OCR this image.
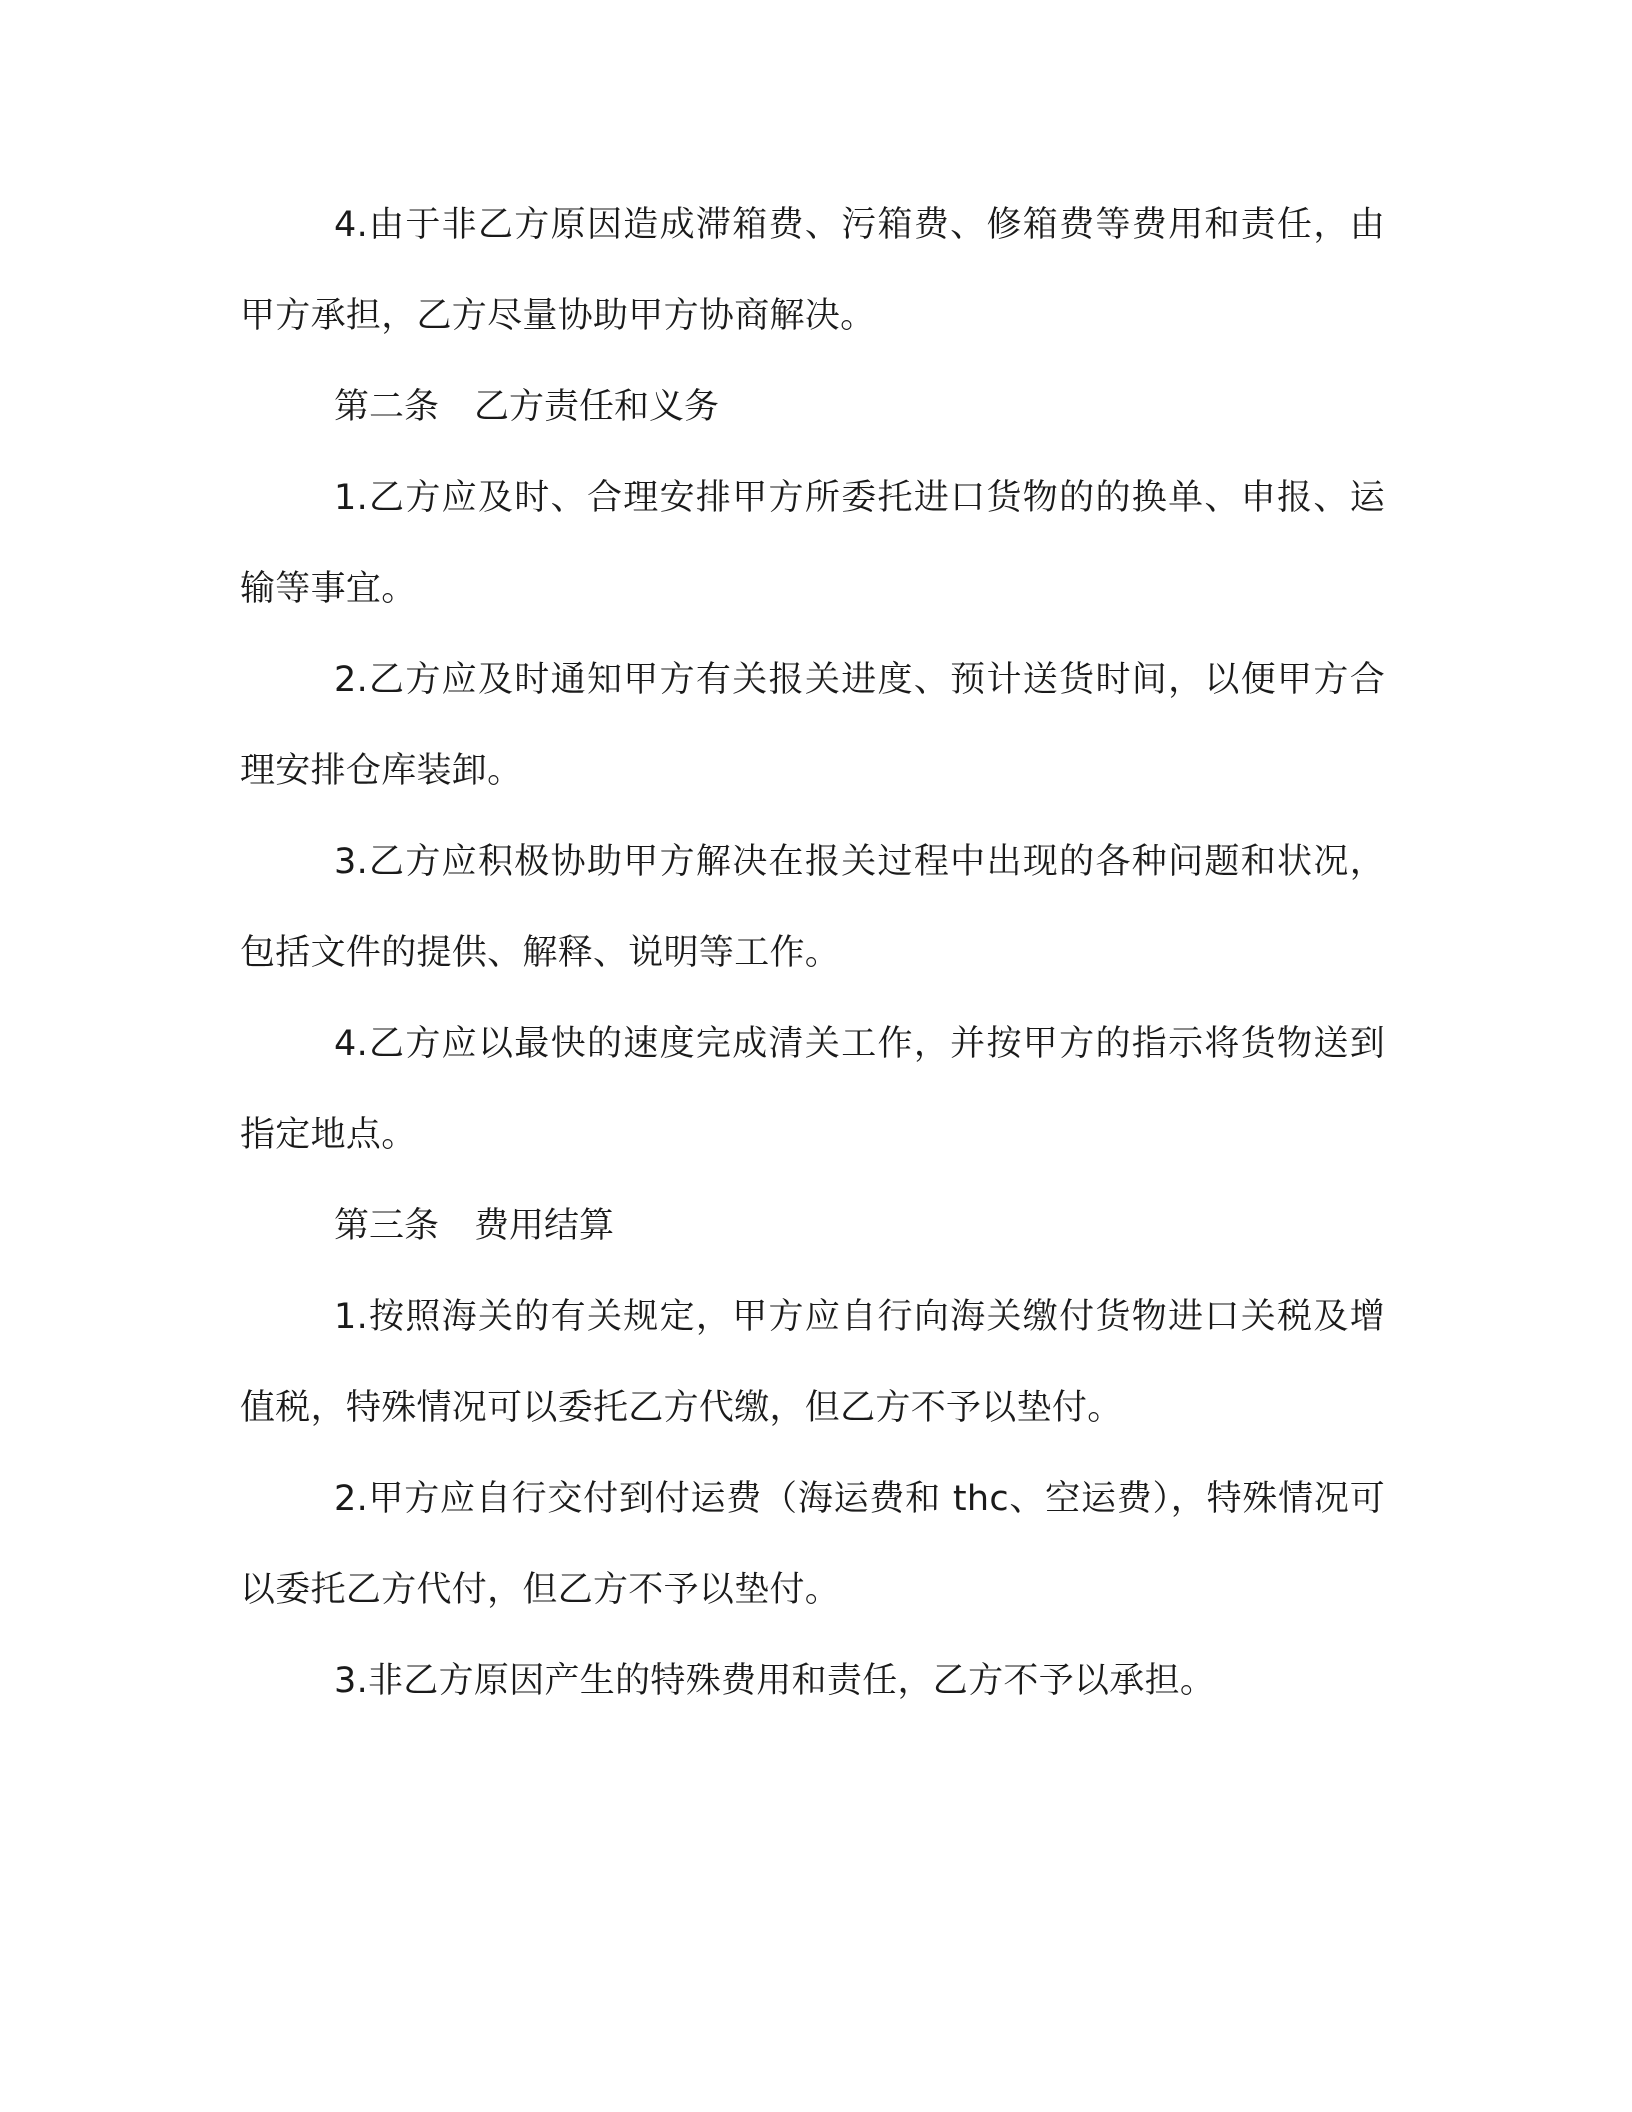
4.由于非乙方原因造成滞箱费、污箱费、修箱费等费用和责任，由甲方承担，乙方尽量协助甲方协商解决。

第二条　乙方责任和义务

1.乙方应及时、合理安排甲方所委托进口货物的的换单、申报、运输等事宜。

2.乙方应及时通知甲方有关报关进度、预计送货时间，以便甲方合理安排仓库装卸。

3.乙方应积极协助甲方解决在报关过程中出现的各种问题和状况，包括文件的提供、解释、说明等工作。

4.乙方应以最快的速度完成清关工作，并按甲方的指示将货物送到指定地点。

第三条　费用结算

1.按照海关的有关规定，甲方应自行向海关缴付货物进口关税及增值税，特殊情况可以委托乙方代缴，但乙方不予以垫付。

2.甲方应自行交付到付运费（海运费和 thc、空运费），特殊情况可以委托乙方代付，但乙方不予以垫付。

3.非乙方原因产生的特殊费用和责任，乙方不予以承担。
